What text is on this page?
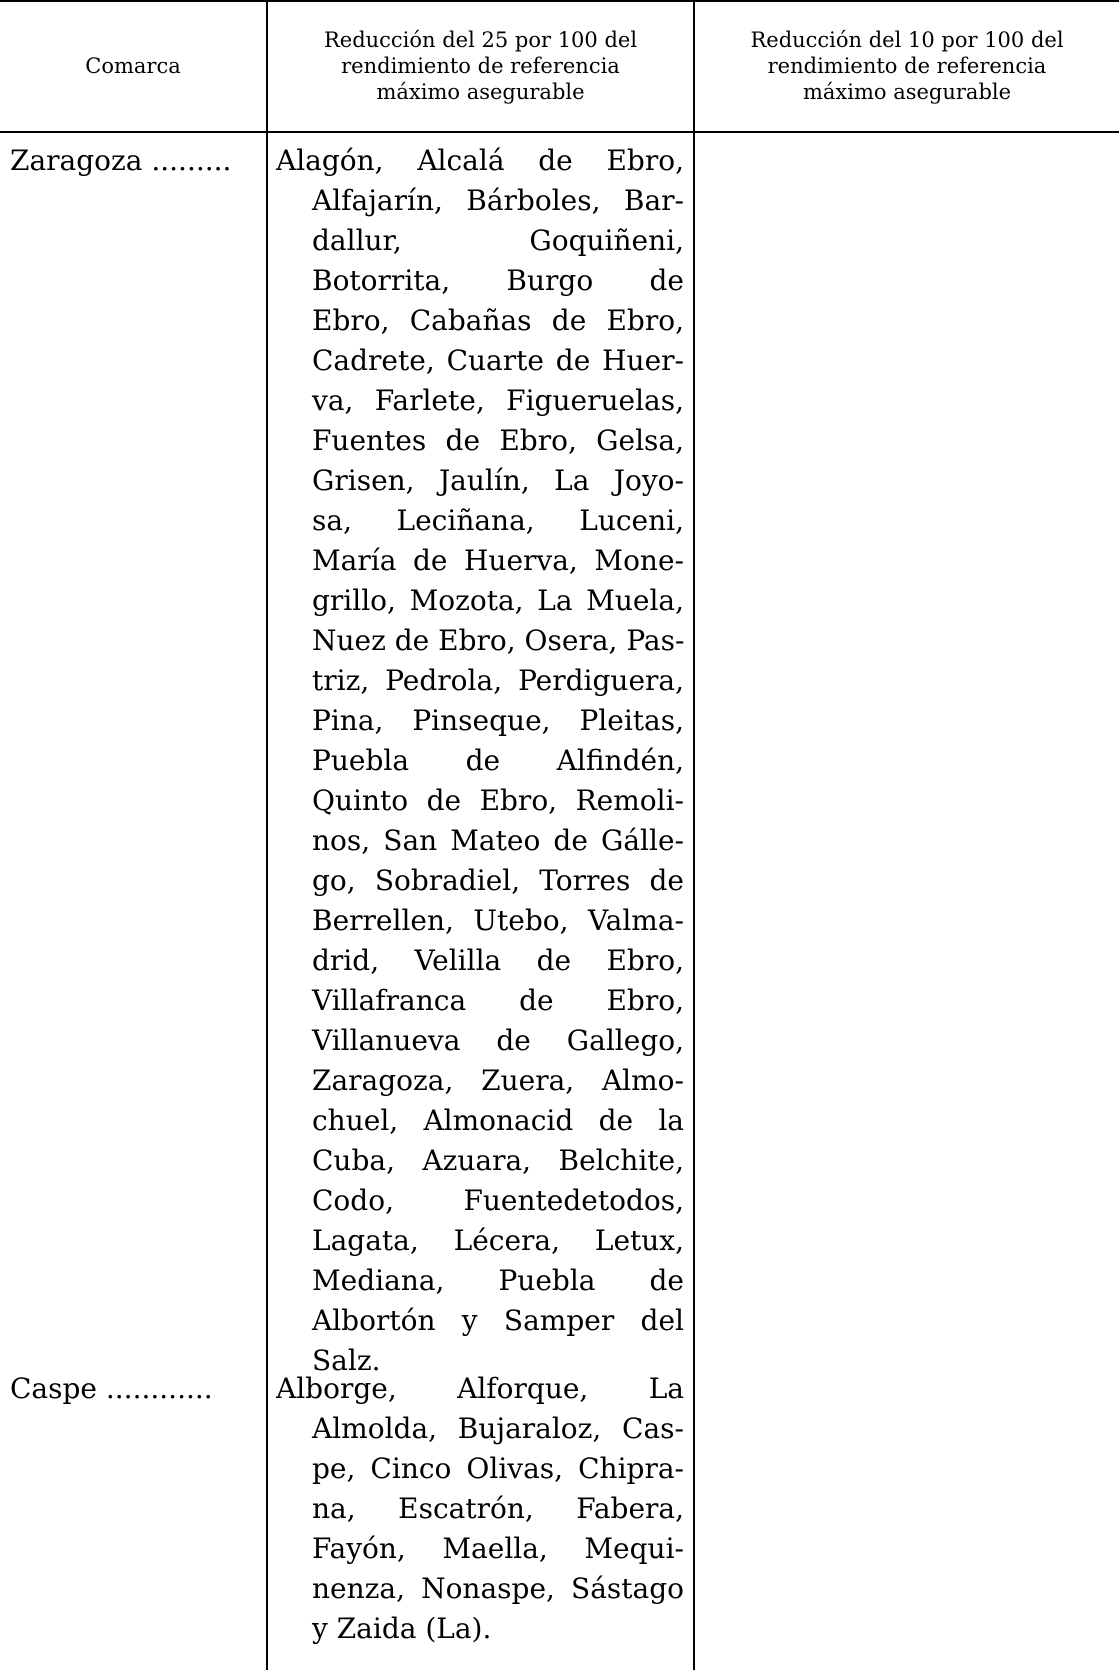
Comarca
Reducción del 25 por 100 del rendimiento de referencia máximo asegurable
Reducción del 10 por 100 del rendimiento de referencia máximo asegurable
Zaragoza .........	Alagón, Alcalá de Ebro,
Alfajarín, Bárboles, Bar-
dallur, Goquiñeni,
Botorrita, Burgo de
Ebro, Cabañas de Ebro,
Cadrete, Cuarte de Huer-
va, Farlete, Figueruelas,
Fuentes de Ebro, Gelsa,
Grisen, Jaulín, La Joyo-
sa, Leciñana, Luceni,
María de Huerva, Mone-
grillo, Mozota, La Muela,
Nuez de Ebro, Osera, Pas-
triz, Pedrola, Perdiguera,
Pina, Pinseque, Pleitas,
Puebla de Alfindén,
Quinto de Ebro, Remoli-
nos, San Mateo de Gálle-
go, Sobradiel, Torres de
Berrellen, Utebo, Valma-
drid, Velilla de Ebro,
Villafranca de Ebro,
Villanueva de Gallego,
Zaragoza, Zuera, Almo-
chuel, Almonacid de la
Cuba, Azuara, Belchite,
Codo, Fuentedetodos,
Lagata, Lécera, Letux,
Mediana, Puebla de
Albortón y Samper del
Salz.
Caspe ............	Alborge, Alforque, La
Almolda, Bujaraloz, Cas-
pe, Cinco Olivas, Chipra-
na, Escatrón, Fabera,
Fayón, Maella, Mequi-
nenza, Nonaspe, Sástago
y Zaida (La).
